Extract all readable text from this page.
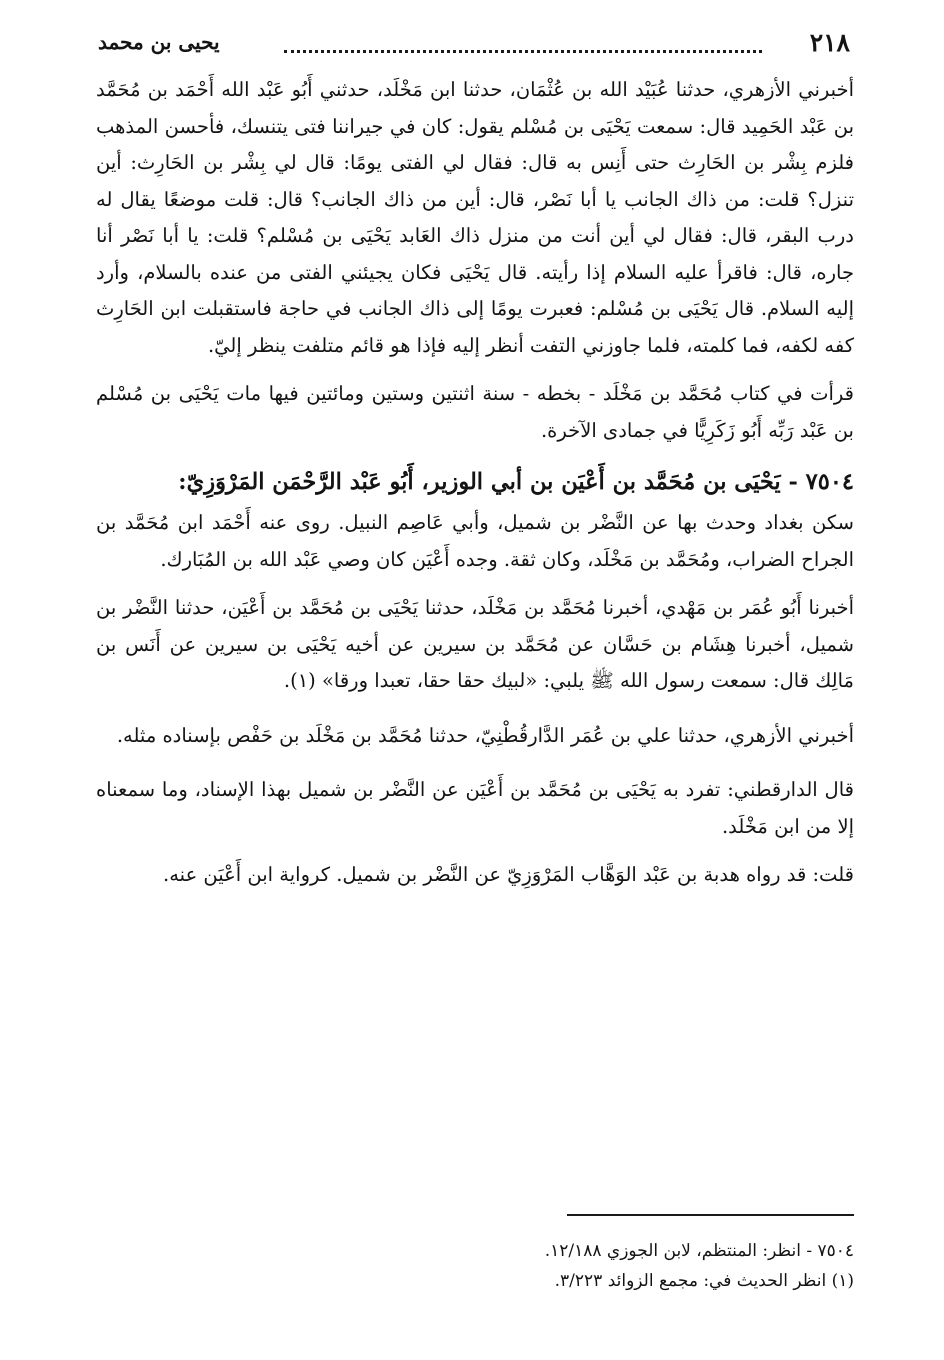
٢١٨
يحيى بن محمد

أخبرني الأزهري، حدثنا عُبَيْد الله بن عُثْمَان، حدثنا ابن مَخْلَد، حدثني أَبُو عَبْد الله أَحْمَد بن مُحَمَّد بن عَبْد الحَمِيد قال: سمعت يَحْيَى بن مُسْلم يقول: كان في جيراننا فتى يتنسك، فأحسن المذهب فلزم بِشْر بن الحَارِث حتى أَنِس به قال: فقال لي الفتى يومًا: قال لي بِشْر بن الحَارِث: أين تنزل؟ قلت: من ذاك الجانب يا أبا نَصْر، قال: أين من ذاك الجانب؟ قال: قلت موضعًا يقال له درب البقر، قال: فقال لي أين أنت من منزل ذاك العَابد يَحْيَى بن مُسْلم؟ قلت: يا أبا نَصْر أنا جاره، قال: فاقرأ عليه السلام إذا رأيته. قال يَحْيَى فكان يجيئني الفتى من عنده بالسلام، وأرد إليه السلام. قال يَحْيَى بن مُسْلم: فعبرت يومًا إلى ذاك الجانب في حاجة فاستقبلت ابن الحَارِث كفه لكفه، فما كلمته، فلما جاوزني التفت أنظر إليه فإذا هو قائم متلفت ينظر إليّ.

قرأت في كتاب مُحَمَّد بن مَخْلَد - بخطه - سنة اثنتين وستين ومائتين فيها مات يَحْيَى بن مُسْلم بن عَبْد رَبِّه أَبُو زَكَرِيًّا في جمادى الآخرة.

٧٥٠٤ - يَحْيَى بن مُحَمَّد بن أَعْيَن بن أبي الوزير، أَبُو عَبْد الرَّحْمَن المَرْوَزِيّ:

سكن بغداد وحدث بها عن النَّضْر بن شميل، وأبي عَاصِم النبيل. روى عنه أَحْمَد ابن مُحَمَّد بن الجراح الضراب، ومُحَمَّد بن مَخْلَد، وكان ثقة. وجده أَعْيَن كان وصي عَبْد الله بن المُبَارك.

أخبرنا أَبُو عُمَر بن مَهْدي، أخبرنا مُحَمَّد بن مَخْلَد، حدثنا يَحْيَى بن مُحَمَّد بن أَعْيَن، حدثنا النَّضْر بن شميل، أخبرنا هِشَام بن حَسَّان عن مُحَمَّد بن سيرين عن أخيه يَحْيَى بن سيرين عن أَنَس بن مَالِك قال: سمعت رسول الله ﷺ يلبي: «لبيك حقا حقا، تعبدا ورقا» (١).

أخبرني الأزهري، حدثنا علي بن عُمَر الدَّارقُطْنِيّ، حدثنا مُحَمَّد بن مَخْلَد بن حَفْص بإسناده مثله.

قال الدارقطني: تفرد به يَحْيَى بن مُحَمَّد بن أَعْيَن عن النَّضْر بن شميل بهذا الإسناد، وما سمعناه إلا من ابن مَخْلَد.

قلت: قد رواه هدبة بن عَبْد الوَهَّاب المَرْوَزِيّ عن النَّضْر بن شميل. كرواية ابن أَعْيَن عنه.

٧٥٠٤ - انظر: المنتظم، لابن الجوزي ١٢/١٨٨.

(١) انظر الحديث في: مجمع الزوائد ٣/٢٢٣.
